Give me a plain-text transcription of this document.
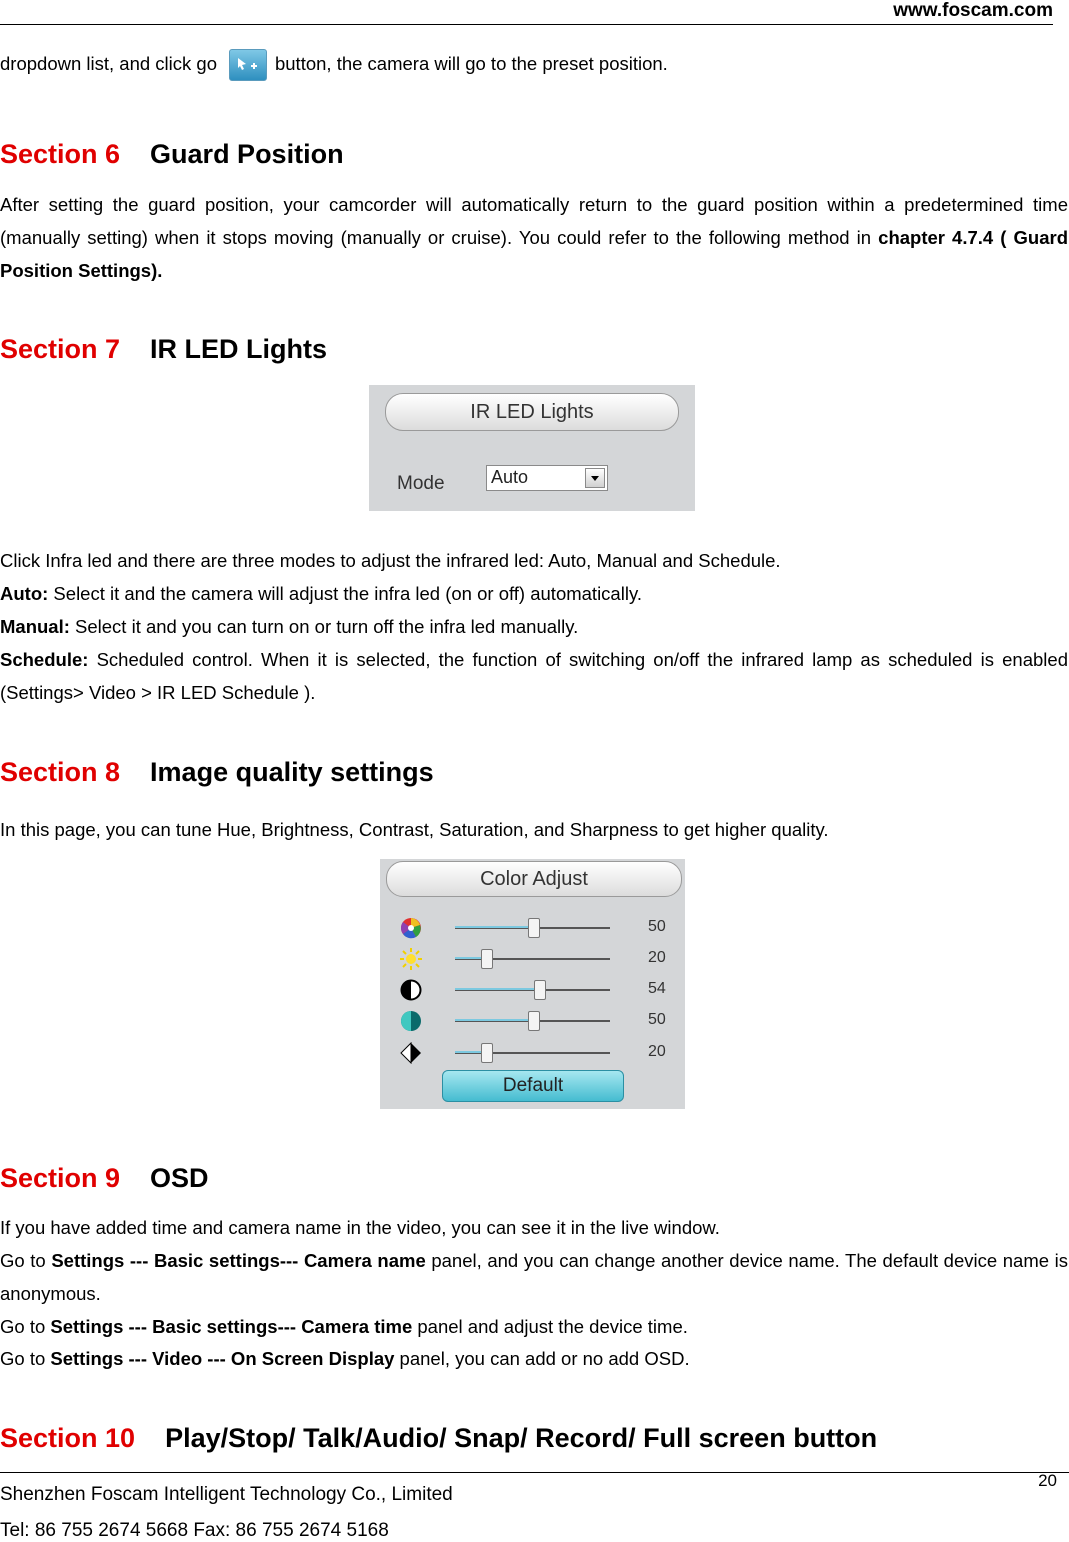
www.foscam.com

dropdown list, and click go	button, the camera will go to the preset position.

Section 6 Guard Position

After setting the guard position, your camcorder will automatically return to the guard position within a predetermined time (manually setting) when it stops moving (manually or cruise). You could refer to the following method in chapter 4.7.4 ( Guard Position Settings).

Section 7 IR LED Lights
IR LED Lights
Mode	Auto

Click Infra led and there are three modes to adjust the infrared led: Auto, Manual and Schedule.

Auto: Select it and the camera will adjust the infra led (on or off) automatically.

Manual: Select it and you can turn on or turn off the infra led manually.

Schedule: Scheduled control. When it is selected, the function of switching on/off the infrared lamp as scheduled is enabled (Settings> Video > IR LED Schedule ).

Section 8 Image quality settings

In this page, you can tune Hue, Brightness, Contrast, Saturation, and Sharpness to get higher quality.

Color Adjust
50
20
54
50
20
Default
Section 9 OSD

If you have added time and camera name in the video, you can see it in the live window.

Go to Settings --- Basic settings--- Camera name panel, and you can change another device name. The default device name is anonymous.

Go to Settings --- Basic settings--- Camera time panel and adjust the device time.

Go to Settings --- Video --- On Screen Display panel, you can add or no add OSD.

Section 10 Play/Stop/ Talk/Audio/ Snap/ Record/ Full screen button
20
Shenzhen Foscam Intelligent Technology Co., Limited
Tel: 86 755 2674 5668 Fax: 86 755 2674 5168
